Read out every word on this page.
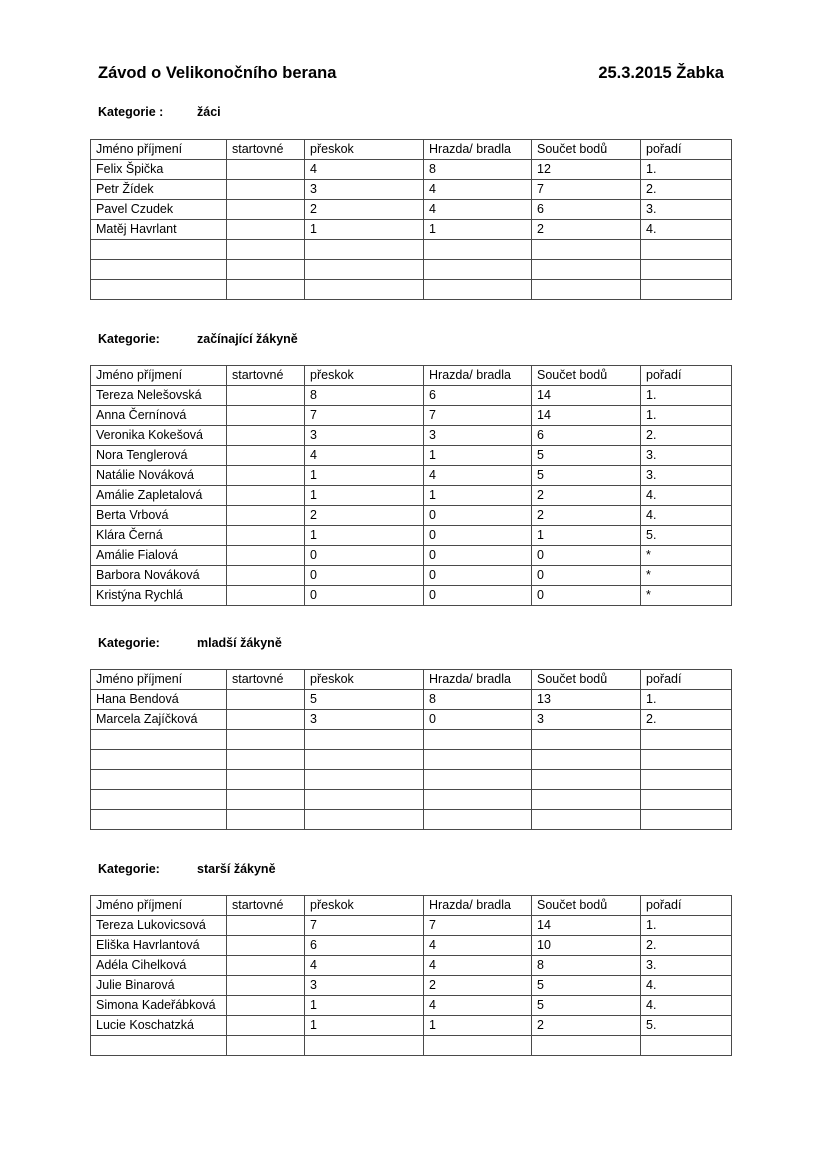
Závod o Velikonočního berana	25.3.2015 Žabka
Kategorie :	žáci
Jméno příjmení	startovné	přeskok	Hrazda/ bradla	Součet bodů	pořadí
Felix Špička		4	8	12	1.
Petr Žídek		3	4	7	2.
Pavel Czudek		2	4	6	3.
Matěj Havrlant		1	1	2	4.

Kategorie:	začínající žákyně
Jméno příjmení	startovné	přeskok	Hrazda/ bradla	Součet bodů	pořadí
Tereza Nelešovská		8	6	14	1.
Anna Černínová		7	7	14	1.
Veronika Kokešová		3	3	6	2.
Nora Tenglerová		4	1	5	3.
Natálie Nováková		1	4	5	3.
Amálie Zapletalová		1	1	2	4.
Berta Vrbová		2	0	2	4.
Klára Černá		1	0	1	5.
Amálie Fialová		0	0	0	*
Barbora Nováková		0	0	0	*
Kristýna Rychlá		0	0	0	*
Kategorie:	mladší žákyně
Jméno příjmení	startovné	přeskok	Hrazda/ bradla	Součet bodů	pořadí
Hana Bendová		5	8	13	1.
Marcela Zajíčková		3	0	3	2.

Kategorie:	starší žákyně
Jméno příjmení	startovné	přeskok	Hrazda/ bradla	Součet bodů	pořadí
Tereza Lukovicsová		7	7	14	1.
Eliška Havrlantová		6	4	10	2.
Adéla Cihelková		4	4	8	3.
Julie Binarová		3	2	5	4.
Simona Kadeřábková		1	4	5	4.
Lucie Koschatzká		1	1	2	5.
